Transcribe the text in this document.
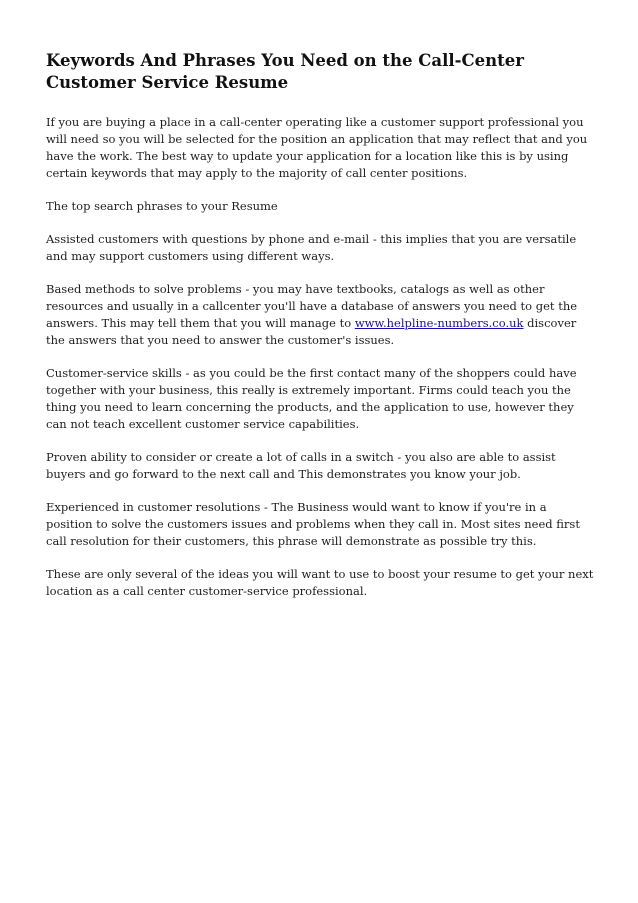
Keywords And Phrases You Need on the Call-Center Customer Service Resume

If you are buying a place in a call-center operating like a customer support professional you will need so you will be selected for the position an application that may reflect that and you have the work. The best way to update your application for a location like this is by using certain keywords that may apply to the majority of call center positions.

The top search phrases to your Resume

Assisted customers with questions by phone and e-mail - this implies that you are versatile and may support customers using different ways.

Based methods to solve problems - you may have textbooks, catalogs as well as other resources and usually in a callcenter you'll have a database of answers you need to get the answers. This may tell them that you will manage to www.helpline-numbers.co.uk discover the answers that you need to answer the customer's issues.

Customer-service skills - as you could be the first contact many of the shoppers could have together with your business, this really is extremely important. Firms could teach you the thing you need to learn concerning the products, and the application to use, however they can not teach excellent customer service capabilities.

Proven ability to consider or create a lot of calls in a switch - you also are able to assist buyers and go forward to the next call and This demonstrates you know your job.

Experienced in customer resolutions - The Business would want to know if you're in a position to solve the customers issues and problems when they call in. Most sites need first call resolution for their customers, this phrase will demonstrate as possible try this.

These are only several of the ideas you will want to use to boost your resume to get your next location as a call center customer-service professional.
